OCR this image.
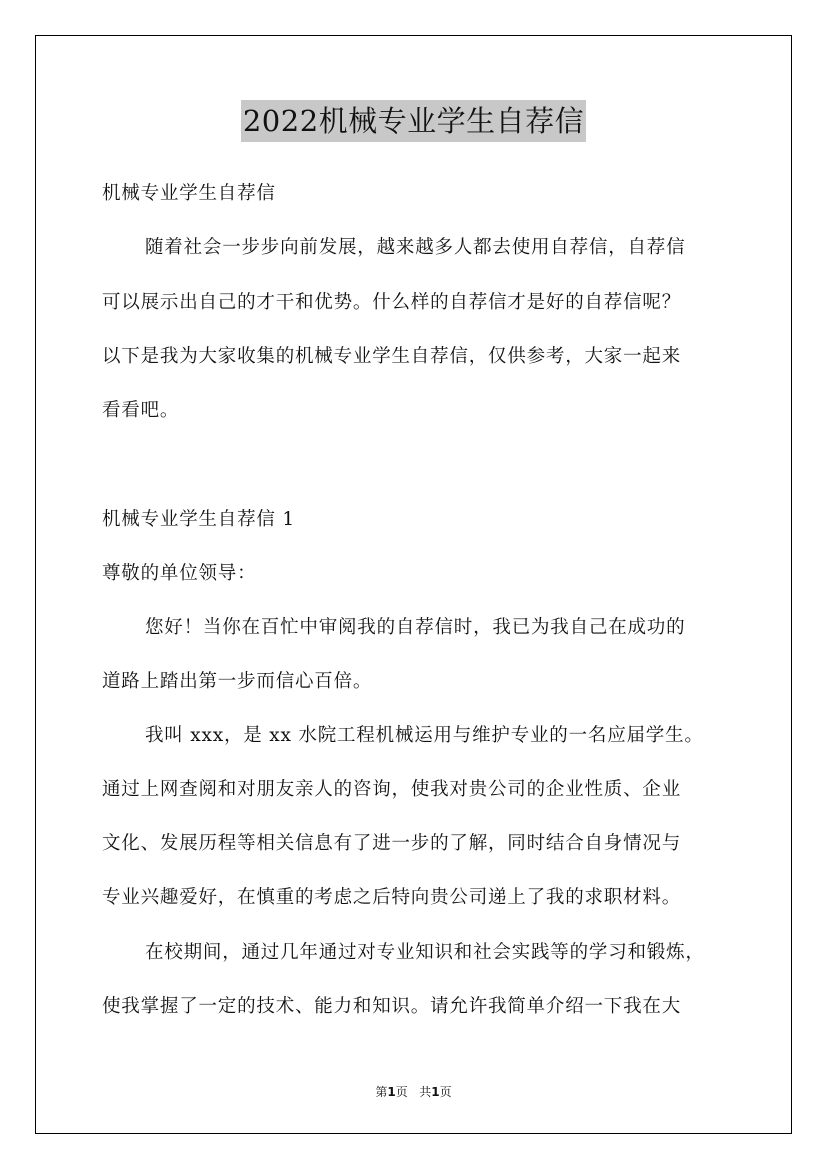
2022机械专业学生自荐信
机械专业学生自荐信
随着社会一步步向前发展，越来越多人都去使用自荐信，自荐信
可以展示出自己的才干和优势。什么样的自荐信才是好的自荐信呢？
以下是我为大家收集的机械专业学生自荐信，仅供参考，大家一起来
看看吧。
机械专业学生自荐信 1
尊敬的单位领导：
您好！当你在百忙中审阅我的自荐信时，我已为我自己在成功的
道路上踏出第一步而信心百倍。
我叫 xxx，是 xx 水院工程机械运用与维护专业的一名应届学生。
通过上网查阅和对朋友亲人的咨询，使我对贵公司的企业性质、企业
文化、发展历程等相关信息有了进一步的了解，同时结合自身情况与
专业兴趣爱好，在慎重的考虑之后特向贵公司递上了我的求职材料。
在校期间，通过几年通过对专业知识和社会实践等的学习和锻炼，
使我掌握了一定的技术、能力和知识。请允许我简单介绍一下我在大
第1页 共1页
